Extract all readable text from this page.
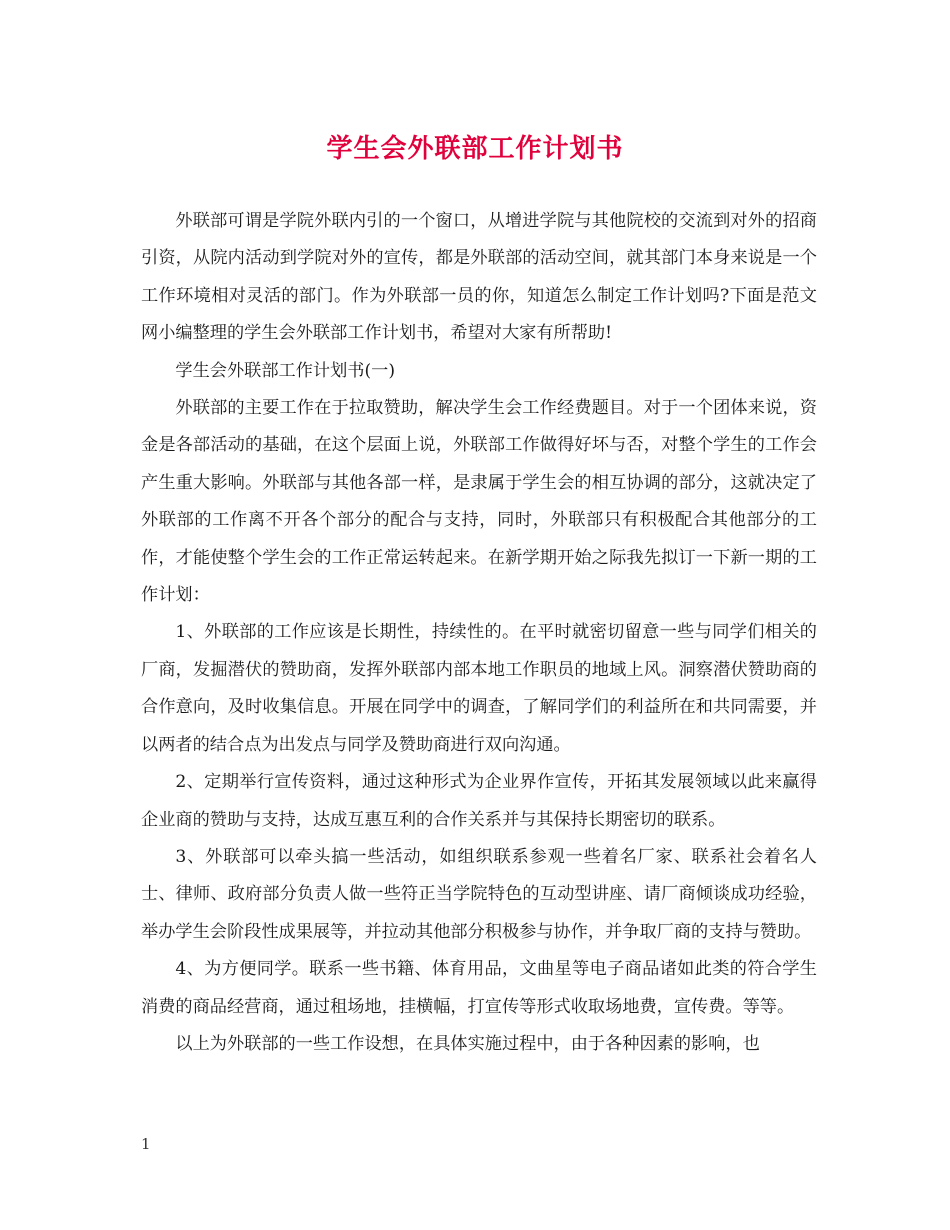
学生会外联部工作计划书

外联部可谓是学院外联内引的一个窗口，从增进学院与其他院校的交流到对外的招商引资，从院内活动到学院对外的宣传，都是外联部的活动空间，就其部门本身来说是一个工作环境相对灵活的部门。作为外联部一员的你，知道怎么制定工作计划吗?下面是范文网小编整理的学生会外联部工作计划书，希望对大家有所帮助!

学生会外联部工作计划书(一)

外联部的主要工作在于拉取赞助，解决学生会工作经费题目。对于一个团体来说，资金是各部活动的基础，在这个层面上说，外联部工作做得好坏与否，对整个学生的工作会产生重大影响。外联部与其他各部一样，是隶属于学生会的相互协调的部分，这就决定了外联部的工作离不开各个部分的配合与支持，同时，外联部只有积极配合其他部分的工作，才能使整个学生会的工作正常运转起来。在新学期开始之际我先拟订一下新一期的工作计划：

1、外联部的工作应该是长期性，持续性的。在平时就密切留意一些与同学们相关的厂商，发掘潜伏的赞助商，发挥外联部内部本地工作职员的地域上风。洞察潜伏赞助商的合作意向，及时收集信息。开展在同学中的调查，了解同学们的利益所在和共同需要，并以两者的结合点为出发点与同学及赞助商进行双向沟通。

2、定期举行宣传资料，通过这种形式为企业界作宣传，开拓其发展领域以此来赢得企业商的赞助与支持，达成互惠互利的合作关系并与其保持长期密切的联系。

3、外联部可以牵头搞一些活动，如组织联系参观一些着名厂家、联系社会着名人士、律师、政府部分负责人做一些符正当学院特色的互动型讲座、请厂商倾谈成功经验，举办学生会阶段性成果展等，并拉动其他部分积极参与协作，并争取厂商的支持与赞助。

4、为方便同学。联系一些书籍、体育用品，文曲星等电子商品诸如此类的符合学生消费的商品经营商，通过租场地，挂横幅，打宣传等形式收取场地费，宣传费。等等。

以上为外联部的一些工作设想，在具体实施过程中，由于各种因素的影响，也

1
